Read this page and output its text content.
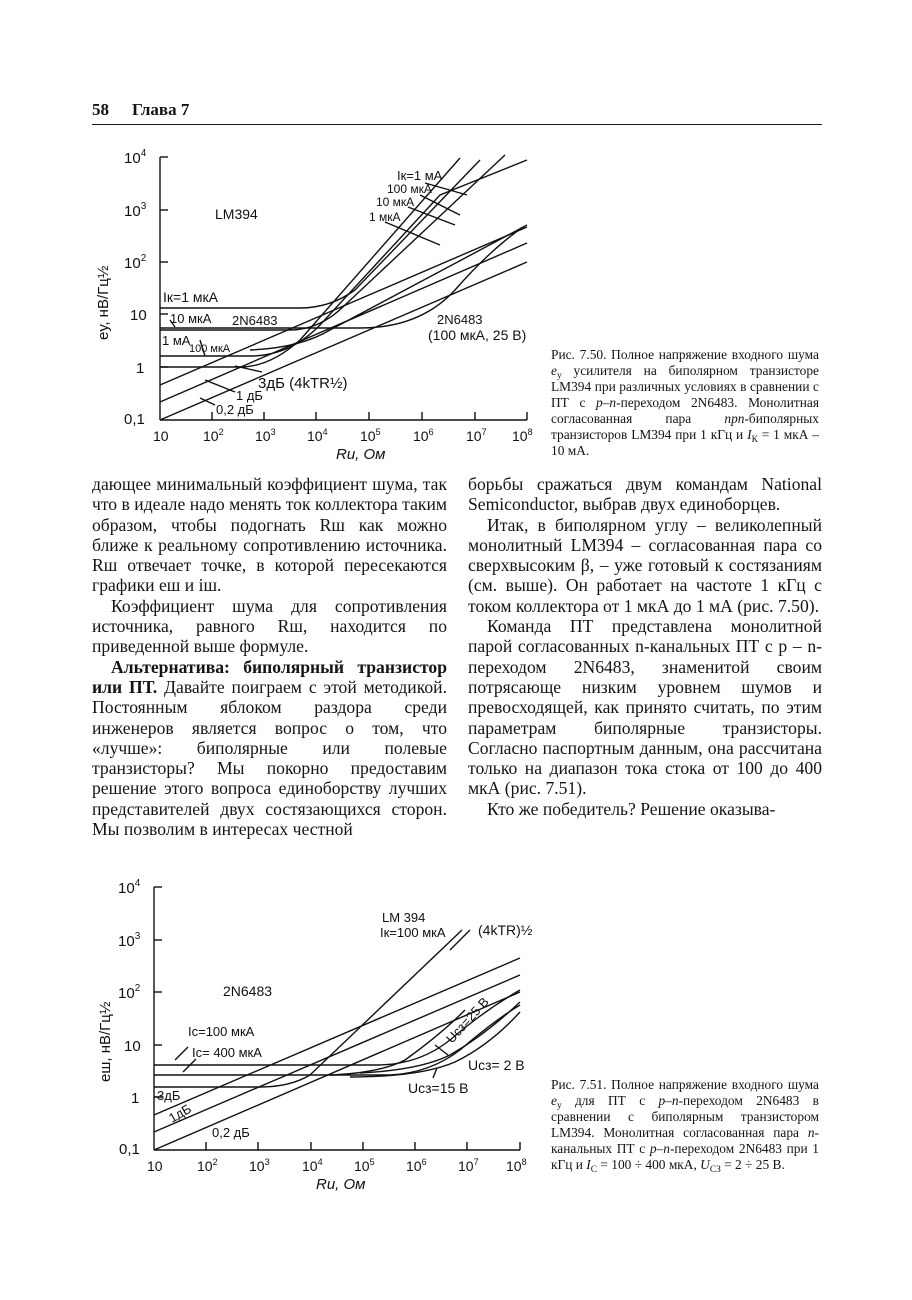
58 Глава 7
$10^4$
$10^3$
$10^2$
10
1
0,1
10 $10^2$ $10^3$ $10^4$ $10^5$ $10^6$ $10^7$ $10^8$
Rи, Ом
eу, нВ/Гц½
LM394
Iк=1 мкА
10 мкА 2N6483
1 мА
100 мкА
3дБ (4kTR½)
1 дБ
0,2 дБ
Iк=1 мА
100 мкА
10 мкА
1 мкА
2N6483
(100 мкА, 25 В)
Рис. 7.50. Полное напряжение входного шума $e_у$ усилителя на биполярном транзисторе LM394 при различных условиях в сравнении с ПТ с p–n-переходом 2N6483. Монолитная согласованная пара npn-биполярных транзисторов LM394 при 1 кГц и $I_К = 1$ мкА – 10 мА.

дающее минимальный коэффициент шума, так что в идеале надо менять ток коллектора таким образом, чтобы подогнать Rш как можно ближе к реальному сопротивлению источника. Rш отвечает точке, в которой пересекаются графики eш и iш.

Коэффициент шума для сопротивления источника, равного Rш, находится по приведенной выше формуле.

Альтернатива: биполярный транзистор или ПТ. Давайте поиграем с этой методикой. Постоянным яблоком раздора среди инженеров является вопрос о том, что «лучше»: биполярные или полевые транзисторы? Мы покорно предоставим решение этого вопроса единоборству лучших представителей двух состязающихся сторон. Мы позволим в интересах честной

борьбы сражаться двум командам National Semiconductor, выбрав двух единоборцев.

Итак, в биполярном углу – великолепный монолитный LM394 – согласованная пара со сверхвысоким β, – уже готовый к состязаниям (см. выше). Он работает на частоте 1 кГц с током коллектора от 1 мкА до 1 мА (рис. 7.50).

Команда ПТ представлена монолитной парой согласованных n-канальных ПТ с p – n-переходом 2N6483, знаменитой своим потрясающе низким уровнем шумов и превосходящей, как принято считать, по этим параметрам биполярные транзисторы. Согласно паспортным данным, она рассчитана только на диапазон тока стока от 100 до 400 мкА (рис. 7.51).

Кто же победитель? Решение оказыва-

$10^4$
$10^3$
$10^2$
10
1
0,1
10 $10^2$ $10^3$ $10^4$ $10^5$ $10^6$ $10^7$ $10^8$
Rи, Ом
eш, нВ/Гц½
2N6483
Iс=100 мкА
Iс= 400 мкА
3дБ
1дБ
0,2 дБ
LM 394
Iк=100 мкА (4kTR)½
Uсз=25 В
Uсз= 2 В
Uсз=15 В	Рис. 7.51. Полное напряжение входного шума $e_у$ для ПТ с p–n-переходом 2N6483 в сравнении с биполярным транзистором LM394. Монолитная согласованная пара n-канальных ПТ с p–n-переходом 2N6483 при 1 кГц и $I_С = 100 \div 400$ мкА, $U_{СЗ} = 2 \div 25$ В.
